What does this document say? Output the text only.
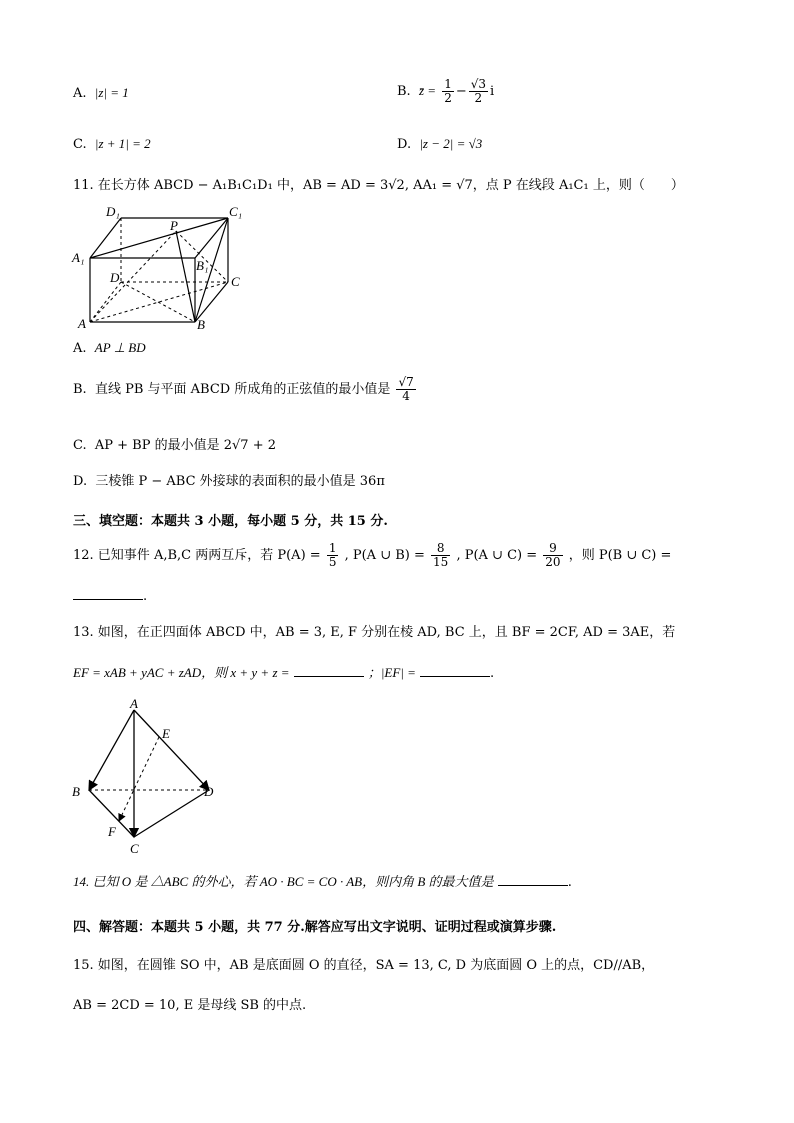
A. |z| = 1	B. z̄ = $\frac{1}{2} - \frac{√3}{2}$ i
C. |z + 1| = 2	D. |z − 2| = √3
11. 在长方体 ABCD − A₁B₁C₁D₁ 中，AB = AD = 3√2, AA₁ = √7，点 P 在线段 A₁C₁ 上，则（　　）
D₁	C₁
P
A₁
B₁
D	C
A	B
A. AP ⊥ BD
B. 直线 PB 与平面 ABCD 所成角的正弦值的最小值是 $\frac{√7}{4}$
C. AP + BP 的最小值是 2√7 + 2
D. 三棱锥 P − ABC 外接球的表面积的最小值是 36π
三、填空题：本题共 3 小题，每小题 5 分，共 15 分.
12. 已知事件 A,B,C 两两互斥，若 $P(A) = \frac{1}{5}$ , P(A ∪ $B) = \frac{8}{15}$ , P(A ∪ $C) = \frac{9}{20}$ ，则 P(B ∪ C) =
.
13. 如图，在正四面体 ABCD 中，AB = 3, E, F 分别在棱 AD, BC 上，且 BF = 2CF, AD = 3AE，若
EF = xAB + yAC + zAD，则 x + y + z =	；|EF| =	.
A
E
B	D
F
C
14. 已知 O 是 △ABC 的外心，若 AO · BC = CO · AB，则内角 B 的最大值是	.
四、解答题：本题共 5 小题，共 77 分.解答应写出文字说明、证明过程或演算步骤.
15. 如图，在圆锥 SO 中，AB 是底面圆 O 的直径，SA = 13, C, D 为底面圆 O 上的点，CD//AB，
AB = 2CD = 10, E 是母线 SB 的中点.
